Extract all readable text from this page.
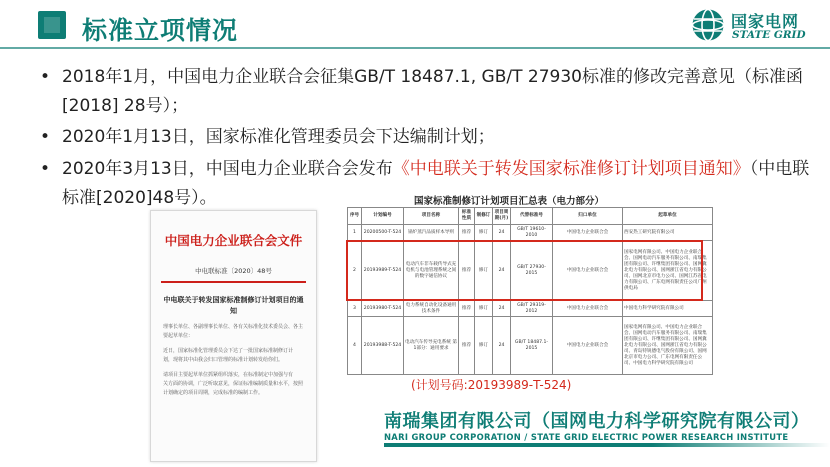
标准立项情况	国家电网
STATE GRID
• 2018年1月，中国电力企业联合会征集GB/T 18487.1, GB/T 27930标准的修改完善意见（标准函[2018] 28号）；
• 2020年1月13日，国家标准化管理委员会下达编制计划；
• 2020年3月13日，中国电力企业联合会发布《中电联关于转发国家标准修订计划项目通知》（中电联标准[2020]48号）。
中国电力企业联合会文件
中电联标准〔2020〕48号
中电联关于转发国家标准制修订计划项目的通知
理事长单位、各副理事长单位、各有关标准化技术委员会、各主
要起草单位：
近日，国家标准化管理委员会下达了一批国家标准制修订计
划，现将其中由我会归口管理的标准计划转发给你们。
请项目主要起草单位抓紧组织落实，在标准制定中加强与有
关方面的协调，广泛听取意见，保证标准编制质量和水平，按照
计划确定的项目周期，完成标准的编制工作。
国家标准制修订计划项目汇总表（电力部分）
序号	计划编号	项目名称	标准性质	制修订	项目周期(月)	代替标准号	归口单位	起草单位
1	20200500-T-524	锅炉蒸汽品质样本导则	推荐	修订	24	GB/T 19610-2010	中国电力企业联合会	西安热工研究院有限公司
2	20193989-T-524	电动汽车非车载传导式充电机与电池管理系统之间的数字通信协议	推荐	修订	24	GB/T 27930-2015	中国电力企业联合会	国家电网有限公司、中国电力企业联合会、国网电动汽车服务有限公司、南瑞集团有限公司、许继集团有限公司、国网冀北电力有限公司、国网浙江省电力有限公司、国网北京市电力公司、国网江苏省电力有限公司、广东电网有限责任公司广州供电局
3	20193980-T-524	电力系统自动化设备通用技术条件	推荐	修订	24	GB/T 29319-2012	中国电力企业联合会	中国电力科学研究院有限公司
4	20193988-T-524	电动汽车传导充电系统 第1部分：通用要求	推荐	修订	24	GB/T 18487.1-2015	中国电力企业联合会	国家电网有限公司、中国电力企业联合会、国网电动汽车服务有限公司、南瑞集团有限公司、许继集团有限公司、国网冀北电力有限公司、国网浙江省电力有限公司、青岛特锐德电气股份有限公司、国网北京市电力公司、广东电网有限责任公司、中国电力科学研究院有限公司
(计划号码:20193989-T-524)
南瑞集团有限公司（国网电力科学研究院有限公司）
NARI GROUP CORPORATION / STATE GRID ELECTRIC POWER RESEARCH INSTITUTE
